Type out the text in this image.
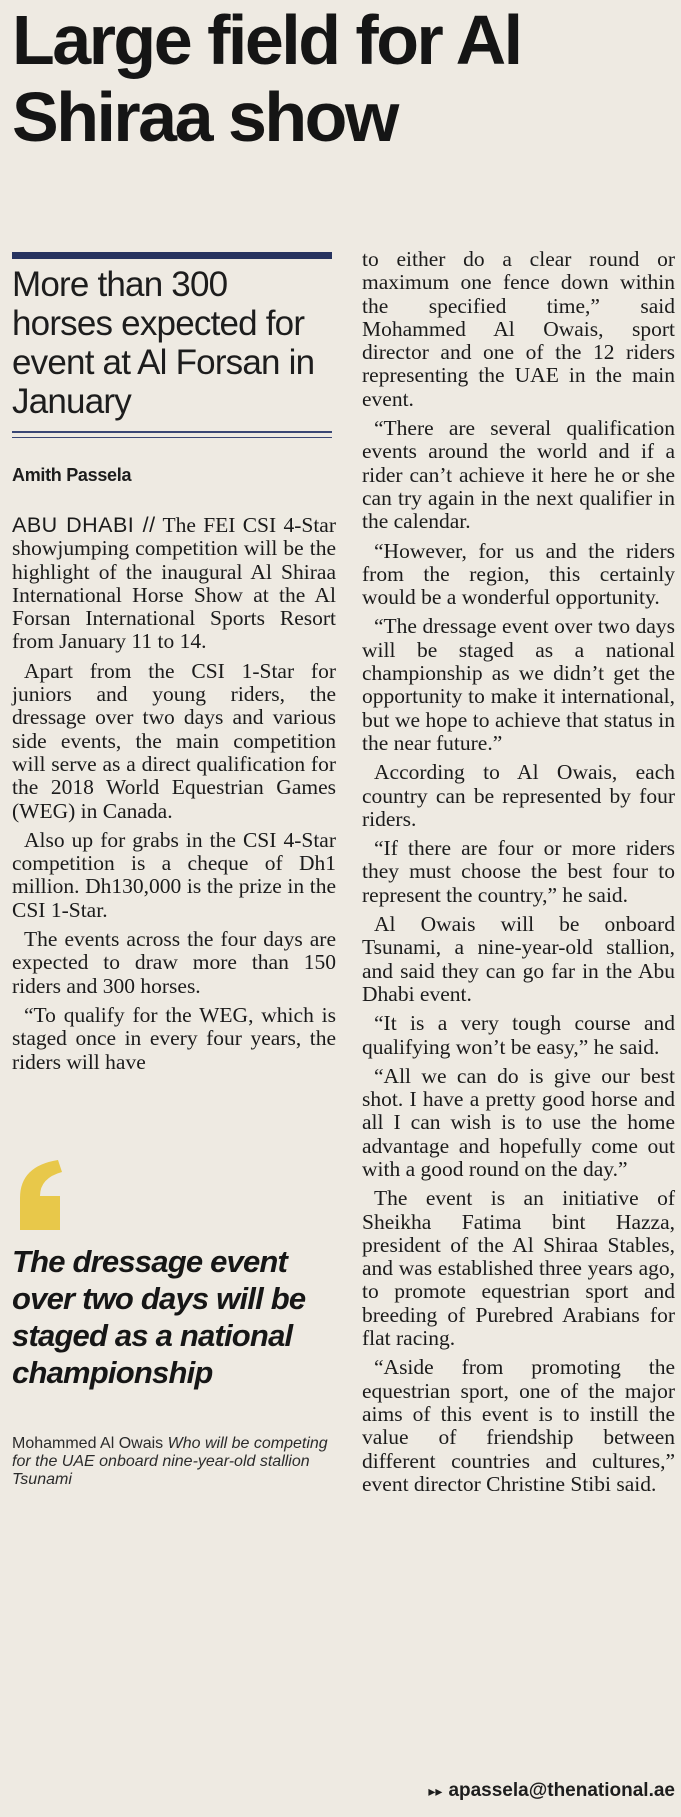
Large field for Al Shiraa show
More than 300 horses expected for event at Al Forsan in January

Amith Passela

ABU DHABI // The FEI CSI 4-Star showjumping competition will be the highlight of the inaugural Al Shiraa International Horse Show at the Al Forsan International Sports Resort from January 11 to 14.

Apart from the CSI 1-Star for juniors and young riders, the dressage over two days and various side events, the main competition will serve as a direct qualification for the 2018 World Equestrian Games (WEG) in Canada.

Also up for grabs in the CSI 4-Star competition is a cheque of Dh1 million. Dh130,000 is the prize in the CSI 1-Star.

The events across the four days are expected to draw more than 150 riders and 300 horses.

“To qualify for the WEG, which is staged once in every four years, the riders will have

The dressage event over two days will be staged as a national championship

Mohammed Al Owais Who will be competing for the UAE onboard nine-year-old stallion Tsunami

to either do a clear round or maximum one fence down within the specified time,” said Mohammed Al Owais, sport director and one of the 12 riders representing the UAE in the main event.

“There are several qualification events around the world and if a rider can’t achieve it here he or she can try again in the next qualifier in the calendar.

“However, for us and the riders from the region, this certainly would be a wonderful opportunity.

“The dressage event over two days will be staged as a national championship as we didn’t get the opportunity to make it international, but we hope to achieve that status in the near future.”

According to Al Owais, each country can be represented by four riders.

“If there are four or more riders they must choose the best four to represent the country,” he said.

Al Owais will be onboard Tsunami, a nine-year-old stallion, and said they can go far in the Abu Dhabi event.

“It is a very tough course and qualifying won’t be easy,” he said.

“All we can do is give our best shot. I have a pretty good horse and all I can wish is to use the home advantage and hopefully come out with a good round on the day.”

The event is an initiative of Sheikha Fatima bint Hazza, president of the Al Shiraa Stables, and was established three years ago, to promote equestrian sport and breeding of Purebred Arabians for flat racing.

“Aside from promoting the equestrian sport, one of the major aims of this event is to instill the value of friendship between different countries and cultures,” event director Christine Stibi said.

▸▸ apassela@thenational.ae
